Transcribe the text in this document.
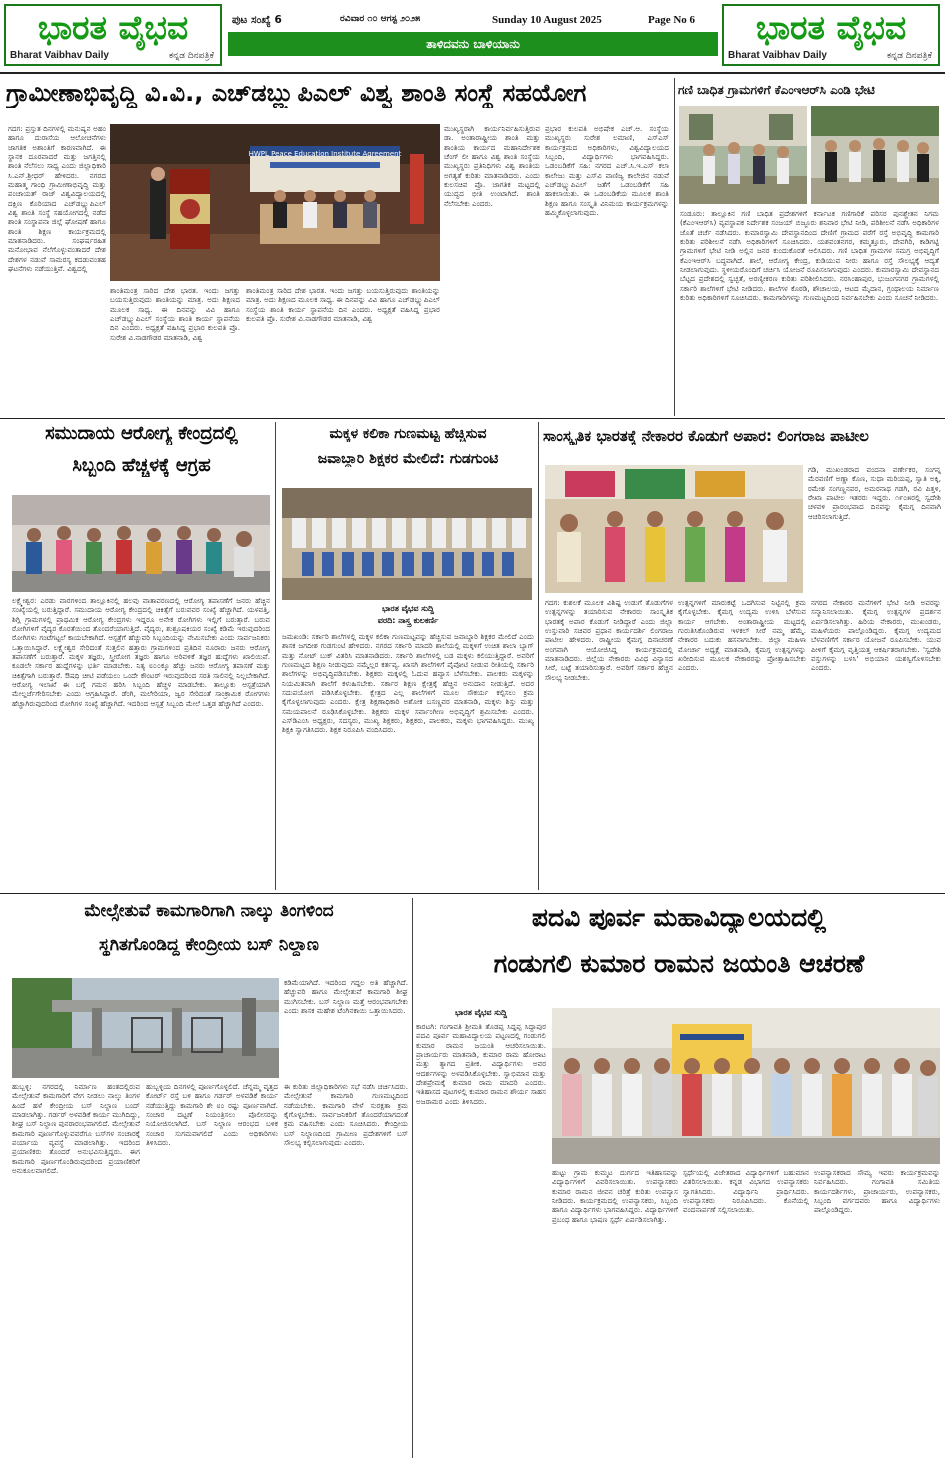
ಭಾರತ ವೈಭವ
Bharat Vaibhav Daily	ಕನ್ನಡ ದಿನಪತ್ರಿಕೆ
ಪುಟ ಸಂಖ್ಯೆ 6	ರವಿವಾರ ೧೦ ಆಗಸ್ಟ ೨೦೨೫	Sunday 10 August 2025	Page No 6
ತಾಳಿದವನು ಬಾಳಿಯಾನು	ಭಾರತ ವೈಭವ
Bharat Vaibhav Daily	ಕನ್ನಡ ದಿನಪತ್ರಿಕೆ
ಗ್ರಾಮೀಣಾಭಿವೃದ್ಧಿ ವಿ.ವಿ., ಎಚ್‌ಡಬ್ಲ್ಯುಪಿಎಲ್ ವಿಶ್ವ ಶಾಂತಿ ಸಂಸ್ಥೆ ಸಹಯೋಗ
ಗದಗ: ಪ್ರಸ್ತುತ ದಿನಗಳಲ್ಲಿ ಮನುಷ್ಯನ ಅಹಂ ಹಾಗೂ ದುರಾಸೆಯ ಆಲೋಚನೆಗಳು ಜಾಗತಿಕ ಅಶಾಂತಿಗೆ ಕಾರಣವಾಗಿದೆ. ಈ ಸ್ಥಾನಕ ದೂರವಾದರೆ ಮತ್ತು ಜಗತ್ತಿನಲ್ಲಿ ಶಾಂತಿ ನೆಲೆಸಲು ಸಾಧ್ಯ ಎಂದು ಜಿಲ್ಲಾಧಿಕಾರಿ ಸಿ.ಎನ್.ಶ್ರೀಧರ್ ಹೇಳಿದರು. ನಗರದ ಮಹಾತ್ಮ ಗಾಂಧಿ ಗ್ರಾಮೀಣಾಭಿವೃದ್ಧಿ ಮತ್ತು ಪಂಚಾಯತ್ ರಾಜ್ ವಿಶ್ವವಿದ್ಯಾಲಯದಲ್ಲಿ ದಕ್ಷಿಣ ಕೊರಿಯಾದ ಎಚ್‌ಡಬ್ಲ್ಯುಪಿಎಲ್ ವಿಶ್ವ ಶಾಂತಿ ಸಂಸ್ಥೆ ಸಹಯೋಗದಲ್ಲಿ ನಡೆದ ಶಾಂತಿ ಸಂಸ್ಥಾಪನಾ ಜಿಲ್ಲೆ ಘೋಷಣೆ ಹಾಗೂ ಶಾಂತಿ ಶಿಕ್ಷಣ ಕಾರ್ಯಕ್ರಮದಲ್ಲಿ ಮಾತನಾಡಿದರು. ಸಂಘರ್ಷರಹಿತ ಮನೋಭಾವ ನೆಲೆಗೊಳ್ಳುವಂತಾದರೆ ದೇಶ ದೇಶಗಳ ನಡುವೆ ಸಾಮರಸ್ಯ ಕದಡುವಂತಹ ಘಟನೆಗಳು ನಡೆಯುತ್ತಿವೆ. ವಿಶ್ವದಲ್ಲಿ
HWPL Peace Education Institute Agreement
ಶಾಂತಿಮಂತ್ರ ಸಾರಿದ ದೇಶ ಭಾರತ. ಇಂದು ಜಗತ್ತು ಬಯಸುತ್ತಿರುವುದು ಶಾಂತಿಯನ್ನು ಮಾತ್ರ. ಅದು ಶಿಕ್ಷಣದ ಮೂಲಕ ಸಾಧ್ಯ. ಈ ದಿನವನ್ನು ವಿವಿ ಹಾಗೂ ಎಚ್‌ಡಬ್ಲ್ಯುಪಿಎಲ್ ಸಂಸ್ಥೆಯ ಶಾಂತಿ ಕಾರ್ಯ ಸ್ಥಾಪನೆಯ ದಿನ ಎಂದರು. ಅಧ್ಯಕ್ಷತೆ ವಹಿಸಿದ್ದ ಪ್ರಭಾರ ಕುಲಪತಿ ಪ್ರೊ. ಸುರೇಶ ವಿ.ನಾಡಗೌಡರ ಮಾತನಾಡಿ, ವಿಶ್ವ
ಮುಖ್ಯಸ್ಥರಾಗಿ ಕಾರ್ಯನಿರ್ವಹಿಸುತ್ತಿರುವ ಡಾ. ಅಂತಾರಾಷ್ಟ್ರೀಯ ಶಾಂತಿ ಮತ್ತು ಶಾಂತಿಯ ಕಾರ್ಯದ ಮಹಾನಿರ್ದೇಶಕ ಚೆಂಗ್ ಲೀ ಹಾಗೂ ವಿಶ್ವ ಶಾಂತಿ ಸಂಸ್ಥೆಯ ಮುಖ್ಯಸ್ಥರು ಪ್ರತಿನಿಧಿಗಳು ವಿಶ್ವ ಶಾಂತಿಯ ಅಗತ್ಯತೆ ಕುರಿತು ಮಾತನಾಡಿದರು. ಎಂದು ಕುಲಸಚಿವ ಪ್ರೊ. ಜಾಗತಿಕ ಮಟ್ಟದಲ್ಲಿ ಯುದ್ಧದ ಭೀತಿ ಉಂಟಾಗಿದೆ. ಶಾಂತಿ ನೆಲೆಸಬೇಕು ಎಂದರು.
ಶಾಂತಿಮಂತ್ರ ಸಾರಿದ ದೇಶ ಭಾರತ. ಇಂದು ಜಗತ್ತು ಬಯಸುತ್ತಿರುವುದು ಶಾಂತಿಯನ್ನು ಮಾತ್ರ. ಅದು ಶಿಕ್ಷಣದ ಮೂಲಕ ಸಾಧ್ಯ. ಈ ದಿನವನ್ನು ವಿವಿ ಹಾಗೂ ಎಚ್‌ಡಬ್ಲ್ಯುಪಿಎಲ್ ಸಂಸ್ಥೆಯ ಶಾಂತಿ ಕಾರ್ಯ ಸ್ಥಾಪನೆಯ ದಿನ ಎಂದರು. ಅಧ್ಯಕ್ಷತೆ ವಹಿಸಿದ್ದ ಪ್ರಭಾರ ಕುಲಪತಿ ಪ್ರೊ. ಸುರೇಶ ವಿ.ನಾಡಗೌಡರ ಮಾತನಾಡಿ, ವಿಶ್ವ
ಪ್ರಭಾರ ಕುಲಪತಿ ಅಭಿಷೇಕ ಎಚ್.ಆ. ಸಂಸ್ಥೆಯ ಮುಖ್ಯಸ್ಥರು ಸುರೇಶ ಲಮಾಣಿ, ಎಸ್‌ಎಸ್ ಕಾರ್ಯಕ್ರಮದ ಅಧಿಕಾರಿಗಳು, ವಿಶ್ವವಿದ್ಯಾಲಯದ ಸಿಬ್ಬಂದಿ, ವಿದ್ಯಾರ್ಥಿಗಳು ಭಾಗವಹಿಸಿದ್ದರು. ಒಡಂಬಡಿಕೆಗೆ ಸಹಿ: ನಗರದ ಎಚ್.ಸಿ.ಇ.ಎಸ್ ಕಲಾ ಕಾಲೇಜು ಮತ್ತು ಎಸ್‌ವಿ ವಾಣಿಜ್ಯ ಕಾಲೇಜಿನ ನಡುವೆ ಎಚ್‌ಡಬ್ಲ್ಯುಪಿಎಲ್ ಜತೆಗೆ ಒಡಂಬಡಿಕೆಗೆ ಸಹಿ ಹಾಕಲಾಯಿತು. ಈ ಒಡಂಬಡಿಕೆಯ ಮೂಲಕ ಶಾಂತಿ ಶಿಕ್ಷಣ ಹಾಗೂ ಸಂಸ್ಕೃತಿ ವಿನಿಮಯ ಕಾರ್ಯಕ್ರಮಗಳನ್ನು ಹಮ್ಮಿಕೊಳ್ಳಲಾಗುವುದು.
ಗಣಿ ಬಾಧಿತ ಗ್ರಾಮಗಳಿಗೆ ಕೆಎಂಇಆರ್‌ಸಿ ಎಂಡಿ ಭೇಟಿ
ಸಂಡೂರು: ತಾಲ್ಲೂಕಿನ ಗಣಿ ಬಾಧಿತ ಪ್ರದೇಶಗಳಿಗೆ ಕರ್ನಾಟಕ ಗಣಿಗಾರಿಕೆ ಪರಿಸರ ಪುನಶ್ಚೇತನ ನಿಗಮ (ಕೆಎಂಇಆರ್‌ಸಿ) ವ್ಯವಸ್ಥಾಪಕ ನಿರ್ದೇಶಕ ಸಂಜಯ್ ಬಿಜ್ಜೂರು ಶನಿವಾರ ಭೇಟಿ ನೀಡಿ, ಪರಿಶೀಲನೆ ನಡೆಸಿ ಅಧಿಕಾರಿಗಳ ಜೊತೆ ಚರ್ಚೆ ನಡೆಸಿದರು. ಕುಮಾರಸ್ವಾಮಿ ದೇವಸ್ಥಾನದಿಂದ ದೇಣಿಗೆ ಗ್ರಾಮದ ವರೆಗೆ ರಸ್ತೆ ಅಭಿವೃದ್ಧಿ ಕಾಮಗಾರಿ ಕುರಿತು ಪರಿಶೀಲನೆ ನಡೆಸಿ ಅಧಿಕಾರಿಗಳಿಗೆ ಸೂಚಿಸಿದರು. ಯಶವಂತನಗರ, ಕಮ್ಮತ್ತೂರು, ದೇವಗಿರಿ, ಕಾಡಿಗಟ್ಟಿ ಗ್ರಾಮಗಳಿಗೆ ಭೇಟಿ ನೀಡಿ ಅಲ್ಲಿನ ಜನರ ಕುಂದುಕೊರತೆ ಆಲಿಸಿದರು. ಗಣಿ ಬಾಧಿತ ಗ್ರಾಮಗಳ ಸಮಗ್ರ ಅಭಿವೃದ್ಧಿಗೆ ಕೆಎಂಇಆರ್‌ಸಿ ಬದ್ಧವಾಗಿದೆ. ಶಾಲೆ, ಆರೋಗ್ಯ ಕೇಂದ್ರ, ಕುಡಿಯುವ ನೀರು ಹಾಗೂ ರಸ್ತೆ ಸೌಲಭ್ಯಕ್ಕೆ ಆದ್ಯತೆ ನೀಡಲಾಗುವುದು. ಸ್ಥಳೀಯರೊಂದಿಗೆ ಚರ್ಚಿಸಿ ಯೋಜನೆ ರೂಪಿಸಲಾಗುವುದು ಎಂದರು. ಕುಮಾರಸ್ವಾಮಿ ದೇವಸ್ಥಾನದ ಬೆಟ್ಟದ ಪ್ರದೇಶದಲ್ಲಿ ಸ್ವಚ್ಛತೆ, ಅರಣ್ಯೀಕರಣ ಕುರಿತು ಪರಿಶೀಲಿಸಿದರು. ನರಸಿಂಹಾಪುರ, ಭುಜಂಗನಗರ ಗ್ರಾಮಗಳಲ್ಲಿ ಸರ್ಕಾರಿ ಶಾಲೆಗಳಿಗೆ ಭೇಟಿ ನೀಡಿದರು. ಶಾಲೆಗಳ ಕೊಠಡಿ, ಶೌಚಾಲಯ, ಆಟದ ಮೈದಾನ, ಗ್ರಂಥಾಲಯ ನಿರ್ಮಾಣ ಕುರಿತು ಅಧಿಕಾರಿಗಳಿಗೆ ಸೂಚಿಸಿದರು. ಕಾಮಗಾರಿಗಳನ್ನು ಗುಣಮಟ್ಟದಿಂದ ನಿರ್ವಹಿಸಬೇಕು ಎಂದು ಸೂಚನೆ ನೀಡಿದರು.
ಸಮುದಾಯ ಆರೋಗ್ಯ ಕೇಂದ್ರದಲ್ಲಿ
ಸಿಬ್ಬಂದಿ ಹೆಚ್ಚಳಕ್ಕೆ ಆಗ್ರಹ
ಲಕ್ಷ್ಮೇಶ್ವರ: ಎರಡು ವಾರಗಳಿಂದ ತಾಲ್ಲೂಕಿನಲ್ಲಿ ಹಲವು ವಾತಾವರಣದಲ್ಲಿ ಆರೋಗ್ಯ ತಪಾಸಣೆಗೆ ಜನರು ಹೆಚ್ಚಿನ ಸಂಖ್ಯೆಯಲ್ಲಿ ಬರುತ್ತಿದ್ದಾರೆ. ಸಮುದಾಯ ಆರೋಗ್ಯ ಕೇಂದ್ರದಲ್ಲಿ ಚಿಕಿತ್ಸೆಗೆ ಬರುವವರ ಸಂಖ್ಯೆ ಹೆಚ್ಚಾಗಿದೆ. ಯಳವತ್ತಿ, ಶಿಗ್ಲಿ ಗ್ರಾಮಗಳಲ್ಲಿ ಪ್ರಾಥಮಿಕ ಆರೋಗ್ಯ ಕೇಂದ್ರಗಳು ಇದ್ದರೂ ಅನೇಕ ರೋಗಿಗಳು ಇಲ್ಲಿಗೆ ಬರುತ್ತಾರೆ. ಬರುವ ರೋಗಿಗಳಿಗೆ ವೈದ್ಯರ ಕೊರತೆಯಿಂದ ತೊಂದರೆಯಾಗುತ್ತಿದೆ. ವೈದ್ಯರು, ಶುಶ್ರೂಷಕಿಯರ ಸಂಖ್ಯೆ ಕಡಿಮೆ ಇರುವುದರಿಂದ ರೋಗಿಗಳು ಗಂಟೆಗಟ್ಟಲೆ ಕಾಯಬೇಕಾಗಿದೆ. ಆಸ್ಪತ್ರೆಗೆ ಹೆಚ್ಚುವರಿ ಸಿಬ್ಬಂದಿಯನ್ನು ನೇಮಿಸಬೇಕು ಎಂದು ಸಾರ್ವಜನಿಕರು ಒತ್ತಾಯಿಸಿದ್ದಾರೆ. ಲಕ್ಷ್ಮೇಶ್ವರ ಸೇರಿದಂತೆ ಸುತ್ತಲಿನ ಹತ್ತಾರು ಗ್ರಾಮಗಳಿಂದ ಪ್ರತಿದಿನ ನೂರಾರು ಜನರು ಆರೋಗ್ಯ ತಪಾಸಣೆಗೆ ಬರುತ್ತಾರೆ. ಮಕ್ಕಳ ತಜ್ಞರು, ಸ್ತ್ರೀರೋಗ ತಜ್ಞರು ಹಾಗೂ ಅರಿವಳಿಕೆ ತಜ್ಞರ ಹುದ್ದೆಗಳು ಖಾಲಿಯಿವೆ. ಕೂಡಲೇ ಸರ್ಕಾರ ಹುದ್ದೆಗಳನ್ನು ಭರ್ತಿ ಮಾಡಬೇಕು. ನಿತ್ಯ ೮೦೦ಕ್ಕೂ ಹೆಚ್ಚು ಜನರು ಆರೋಗ್ಯ ತಪಾಸಣೆ ಮತ್ತು ಚಿಕಿತ್ಸೆಗಾಗಿ ಬರುತ್ತಾರೆ. ಔಷಧಿ ಚೀಟಿ ಪಡೆಯಲು ಒಂದೇ ಕೌಂಟರ್ ಇರುವುದರಿಂದ ಸರತಿ ಸಾಲಿನಲ್ಲಿ ನಿಲ್ಲಬೇಕಾಗಿದೆ. ಆರೋಗ್ಯ ಇಲಾಖೆ ಈ ಬಗ್ಗೆ ಗಮನ ಹರಿಸಿ ಸಿಬ್ಬಂದಿ ಹೆಚ್ಚಳ ಮಾಡಬೇಕು. ತಾಲ್ಲೂಕು ಆಸ್ಪತ್ರೆಯಾಗಿ ಮೇಲ್ದರ್ಜೆಗೇರಿಸಬೇಕು ಎಂದು ಆಗ್ರಹಿಸಿದ್ದಾರೆ. ಡೆಂಗಿ, ಮಲೇರಿಯಾ, ಜ್ವರ ಸೇರಿದಂತೆ ಸಾಂಕ್ರಾಮಿಕ ರೋಗಗಳು ಹೆಚ್ಚಾಗಿರುವುದರಿಂದ ರೋಗಿಗಳ ಸಂಖ್ಯೆ ಹೆಚ್ಚಾಗಿದೆ. ಇದರಿಂದ ಆಸ್ಪತ್ರೆ ಸಿಬ್ಬಂದಿ ಮೇಲೆ ಒತ್ತಡ ಹೆಚ್ಚಾಗಿದೆ ಎಂದರು.
ಮಕ್ಕಳ ಕಲಿಕಾ ಗುಣಮಟ್ಟ ಹೆಚ್ಚಿಸುವ
ಜವಾಬ್ದಾರಿ ಶಿಕ್ಷಕರ ಮೇಲಿದೆ: ಗುಡಗುಂಟಿ
ಭಾರತ ವೈಭವ ಸುದ್ದಿ
ವರದಿ: ನಾಸ್ತ್ರ ಕುಲಕರ್ಣಿ
ಜಮಖಂಡಿ: ಸರ್ಕಾರಿ ಶಾಲೆಗಳಲ್ಲಿ ಮಕ್ಕಳ ಕಲಿಕಾ ಗುಣಮಟ್ಟವನ್ನು ಹೆಚ್ಚಿಸುವ ಜವಾಬ್ದಾರಿ ಶಿಕ್ಷಕರ ಮೇಲಿದೆ ಎಂದು ಶಾಸಕ ಜಗದೀಶ ಗುಡಗುಂಟಿ ಹೇಳಿದರು. ನಗರದ ಸರ್ಕಾರಿ ಮಾದರಿ ಶಾಲೆಯಲ್ಲಿ ಮಕ್ಕಳಿಗೆ ಉಚಿತ ಶಾಲಾ ಬ್ಯಾಗ್ ಮತ್ತು ನೋಟ್ ಬುಕ್ ವಿತರಿಸಿ ಮಾತನಾಡಿದರು. ಸರ್ಕಾರಿ ಶಾಲೆಗಳಲ್ಲಿ ಬಡ ಮಕ್ಕಳು ಕಲಿಯುತ್ತಿದ್ದಾರೆ. ಅವರಿಗೆ ಗುಣಮಟ್ಟದ ಶಿಕ್ಷಣ ನೀಡುವುದು ನಮ್ಮೆಲ್ಲರ ಕರ್ತವ್ಯ. ಖಾಸಗಿ ಶಾಲೆಗಳಿಗೆ ಪೈಪೋಟಿ ನೀಡುವ ರೀತಿಯಲ್ಲಿ ಸರ್ಕಾರಿ ಶಾಲೆಗಳನ್ನು ಅಭಿವೃದ್ಧಿಪಡಿಸಬೇಕು. ಶಿಕ್ಷಕರು ಮಕ್ಕಳಲ್ಲಿ ಓದುವ ಹವ್ಯಾಸ ಬೆಳೆಸಬೇಕು. ಪಾಲಕರು ಮಕ್ಕಳನ್ನು ನಿಯಮಿತವಾಗಿ ಶಾಲೆಗೆ ಕಳುಹಿಸಬೇಕು. ಸರ್ಕಾರ ಶಿಕ್ಷಣ ಕ್ಷೇತ್ರಕ್ಕೆ ಹೆಚ್ಚಿನ ಅನುದಾನ ನೀಡುತ್ತಿದೆ. ಅದರ ಸದುಪಯೋಗ ಪಡಿಸಿಕೊಳ್ಳಬೇಕು. ಕ್ಷೇತ್ರದ ಎಲ್ಲ ಶಾಲೆಗಳಿಗೆ ಮೂಲ ಸೌಕರ್ಯ ಕಲ್ಪಿಸಲು ಕ್ರಮ ಕೈಗೊಳ್ಳಲಾಗುವುದು ಎಂದರು. ಕ್ಷೇತ್ರ ಶಿಕ್ಷಣಾಧಿಕಾರಿ ಅಶೋಕ ಬಸಣ್ಣವರ ಮಾತನಾಡಿ, ಮಕ್ಕಳು ಶಿಸ್ತು ಮತ್ತು ಸಮಯಪಾಲನೆ ರೂಢಿಸಿಕೊಳ್ಳಬೇಕು. ಶಿಕ್ಷಕರು ಮಕ್ಕಳ ಸರ್ವಾಂಗೀಣ ಅಭಿವೃದ್ಧಿಗೆ ಶ್ರಮಿಸಬೇಕು ಎಂದರು. ಎಸ್‌ಡಿಎಂಸಿ ಅಧ್ಯಕ್ಷರು, ಸದಸ್ಯರು, ಮುಖ್ಯ ಶಿಕ್ಷಕರು, ಶಿಕ್ಷಕರು, ಪಾಲಕರು, ಮಕ್ಕಳು ಭಾಗವಹಿಸಿದ್ದರು. ಮುಖ್ಯ ಶಿಕ್ಷಕಿ ಸ್ವಾಗತಿಸಿದರು. ಶಿಕ್ಷಕ ನಿರೂಪಿಸಿ ವಂದಿಸಿದರು.
ಸಾಂಸ್ಕೃತಿಕ ಭಾರತಕ್ಕೆ ನೇಕಾರರ ಕೊಡುಗೆ ಅಪಾರ: ಲಿಂಗರಾಜ ಪಾಟೀಲ
ಗಡಿ, ಮುಖಂಡರಾದ ವಂದನಾ ವರ್ಣೇಕರ, ಸಂಗನ್ನ ಮೆರವಣಿಗೆ ಅಣ್ಣಾ ಕೊಣ, ಸುಧಾ ಮರಿಯಪ್ಪ, ಸ್ವಾತಿ ಅಕ್ಕಿ, ರಮೇಶ ಸಂಗಣ್ಣನವರ, ಅಮರನಾಥ ಗಡಗಿ, ರವಿ ಪಿತ್ತಳಿ, ರೇಖಾ ಪಾಟೀಲ ಇತರರು ಇದ್ದರು. ೧೯೦೫ರಲ್ಲಿ ಸ್ವದೇಶಿ ಚಳವಳಿ ಪ್ರಾರಂಭವಾದ ದಿನವನ್ನು ಕೈಮಗ್ಗ ದಿನವಾಗಿ ಆಚರಿಸಲಾಗುತ್ತಿದೆ.
ಗದಗ: ಕುಶಲಕೆ ಮೂಲಕ ವಿಶಿಷ್ಟ ಉಡುಗೆ ತೊಡುಗೆಗಳ ಉತ್ಪನ್ನಗಳನ್ನು ತಯಾರಿಸುವ ನೇಕಾರರು ಸಾಂಸ್ಕೃತಿಕ ಭಾರತಕ್ಕೆ ಅಪಾರ ಕೊಡುಗೆ ನೀಡಿದ್ದಾರೆ ಎಂದು ಜಿಲ್ಲಾ ಉಸ್ತುವಾರಿ ಸಚಿವರ ಪ್ರಧಾನ ಕಾರ್ಯದರ್ಶಿ ಲಿಂಗರಾಜ ಪಾಟೀಲ ಹೇಳಿದರು. ರಾಷ್ಟ್ರೀಯ ಕೈಮಗ್ಗ ದಿನಾಚರಣೆ ಅಂಗವಾಗಿ ಆಯೋಜಿಸಿದ್ದ ಕಾರ್ಯಕ್ರಮದಲ್ಲಿ ಮಾತನಾಡಿದರು. ಜಿಲ್ಲೆಯ ನೇಕಾರರು ವಿವಿಧ ವಿನ್ಯಾಸದ ಸೀರೆ, ಬಟ್ಟೆ ತಯಾರಿಸುತ್ತಾರೆ. ಅವರಿಗೆ ಸರ್ಕಾರ ಹೆಚ್ಚಿನ ಸೌಲಭ್ಯ ನೀಡಬೇಕು.
ಉತ್ಪನ್ನಗಳಿಗೆ ಮಾರುಕಟ್ಟೆ ಒದಗಿಸುವ ನಿಟ್ಟಿನಲ್ಲಿ ಕ್ರಮ ಕೈಗೊಳ್ಳಬೇಕು. ಕೈಮಗ್ಗ ಉದ್ಯಮ ಉಳಿಸಿ ಬೆಳೆಸುವ ಕಾರ್ಯ ಆಗಬೇಕು. ಅಂತಾರಾಷ್ಟ್ರೀಯ ಮಟ್ಟದಲ್ಲಿ ಗುರುತಿಸಿಕೊಂಡಿರುವ ಇಳಕಲ್ ಸೀರೆ ನಮ್ಮ ಹೆಮ್ಮೆ. ನೇಕಾರರ ಬದುಕು ಹಸನಾಗಬೇಕು. ಜಿಲ್ಲಾ ಮಹಿಳಾ ಮೋರ್ಚಾ ಅಧ್ಯಕ್ಷೆ ಮಾತನಾಡಿ, ಕೈಮಗ್ಗ ಉತ್ಪನ್ನಗಳನ್ನು ಖರೀದಿಸುವ ಮೂಲಕ ನೇಕಾರರನ್ನು ಪ್ರೋತ್ಸಾಹಿಸಬೇಕು ಎಂದರು.
ನಗರದ ನೇಕಾರರ ಮನೆಗಳಿಗೆ ಭೇಟಿ ನೀಡಿ ಅವರನ್ನು ಸನ್ಮಾನಿಸಲಾಯಿತು. ಕೈಮಗ್ಗ ಉತ್ಪನ್ನಗಳ ಪ್ರದರ್ಶನ ಏರ್ಪಡಿಸಲಾಗಿತ್ತು. ಹಿರಿಯ ನೇಕಾರರು, ಮುಖಂಡರು, ಮಹಿಳೆಯರು ಪಾಲ್ಗೊಂಡಿದ್ದರು. ಕೈಮಗ್ಗ ಉದ್ಯಮದ ಬೆಳವಣಿಗೆಗೆ ಸರ್ಕಾರ ಯೋಜನೆ ರೂಪಿಸಬೇಕು. ಯುವ ಪೀಳಿಗೆ ಕೈಮಗ್ಗ ವೃತ್ತಿಯತ್ತ ಆಕರ್ಷಿತರಾಗಬೇಕು. 'ಸ್ವದೇಶಿ ವಸ್ತುಗಳನ್ನು ಬಳಸಿ' ಅಭಿಯಾನ ಯಶಸ್ವಿಗೊಳಿಸಬೇಕು ಎಂದರು.
ಮೇಲ್ಸೇತುವೆ ಕಾಮಗಾರಿಗಾಗಿ ನಾಲ್ಕು ತಿಂಗಳಿಂದ
ಸ್ಥಗಿತಗೊಂಡಿದ್ದ ಕೇಂದ್ರೀಯ ಬಸ್ ನಿಲ್ದಾಣ
ಕಡಿಮೆಯಾಗಿದೆ. ಇದರಿಂದ ಗದ್ದಲ ಅತಿ ಹೆಚ್ಚಾಗಿದೆ. ಹೆಚ್ಚುವರಿ ಹಾಗೂ ಮೇಲ್ಸೇತುವೆ ಕಾಮಗಾರಿ ಶೀಘ್ರ ಮುಗಿಸಬೇಕು. ಬಸ್ ನಿಲ್ದಾಣ ಮತ್ತೆ ಆರಂಭವಾಗಬೇಕು ಎಂದು ಶಾಸಕ ಮಹೇಶ ಟೆಂಗಿನಕಾಯಿ ಒತ್ತಾಯಿಸಿದರು.
ಹುಬ್ಬಳ್ಳಿ: ನಗರದಲ್ಲಿ ನಿರ್ಮಾಣ ಹಂತದಲ್ಲಿರುವ ಮೇಲ್ಸೇತುವೆ ಕಾಮಗಾರಿಗೆ ವೇಗ ನೀಡಲು ನಾಲ್ಕು ತಿಂಗಳ ಹಿಂದೆ ಹಳೆ ಕೇಂದ್ರೀಯ ಬಸ್ ನಿಲ್ದಾಣ ಬಂದ್ ಮಾಡಲಾಗಿತ್ತು. ಗರ್ಡರ್ ಅಳವಡಿಕೆ ಕಾರ್ಯ ಮುಗಿದಿದ್ದು, ಶೀಘ್ರ ಬಸ್ ನಿಲ್ದಾಣ ಪುನರಾರಂಭವಾಗಲಿದೆ. ಮೇಲ್ಸೇತುವೆ ಕಾಮಗಾರಿ ಪೂರ್ಣಗೊಳ್ಳುವವರೆಗೂ ಬಸ್‌ಗಳ ಸಂಚಾರಕ್ಕೆ ಪರ್ಯಾಯ ವ್ಯವಸ್ಥೆ ಮಾಡಲಾಗಿತ್ತು. ಇದರಿಂದ ಪ್ರಯಾಣಿಕರು ತೊಂದರೆ ಅನುಭವಿಸುತ್ತಿದ್ದರು. ಈಗ ಕಾಮಗಾರಿ ಪೂರ್ಣಗೊಂಡಿರುವುದರಿಂದ ಪ್ರಯಾಣಿಕರಿಗೆ ಅನುಕೂಲವಾಗಲಿದೆ.
ಹುಬ್ಬಳ್ಳಿಯ ದಿನಗಳಲ್ಲಿ ಪೂರ್ಣಗೊಳ್ಳಲಿದೆ. ಚೆನ್ನಮ್ಮ ವೃತ್ತದ ಕೋರ್ಟ್ ರಸ್ತೆ ಬಳಿ ಹಾಗೂ ಗರ್ಡರ್ ಅಳವಡಿಕೆ ಕಾರ್ಯ ನಡೆಯುತ್ತಿದ್ದು ಕಾಮಗಾರಿ ಶೇ ೮೦ ರಷ್ಟು ಪೂರ್ಣವಾಗಿದೆ. ಸಂಚಾರ ದಟ್ಟಣೆ ನಿಯಂತ್ರಿಸಲು ಪೊಲೀಸರನ್ನು ನಿಯೋಜಿಸಲಾಗಿದೆ. ಬಸ್ ನಿಲ್ದಾಣ ಆರಂಭದ ಬಳಿಕ ಸಂಚಾರ ಸುಗಮವಾಗಲಿದೆ ಎಂದು ಅಧಿಕಾರಿಗಳು ತಿಳಿಸಿದರು.
ಈ ಕುರಿತು ಜಿಲ್ಲಾಧಿಕಾರಿಗಳು ಸಭೆ ನಡೆಸಿ ಚರ್ಚಿಸಿದರು. ಮೇಲ್ಸೇತುವೆ ಕಾಮಗಾರಿ ಗುಣಮಟ್ಟದಿಂದ ನಡೆಯಬೇಕು. ಕಾಮಗಾರಿ ವೇಳೆ ಸುರಕ್ಷತಾ ಕ್ರಮ ಕೈಗೊಳ್ಳಬೇಕು. ಸಾರ್ವಜನಿಕರಿಗೆ ತೊಂದರೆಯಾಗದಂತೆ ಕ್ರಮ ವಹಿಸಬೇಕು ಎಂದು ಸೂಚಿಸಿದರು. ಕೇಂದ್ರೀಯ ಬಸ್ ನಿಲ್ದಾಣದಿಂದ ಗ್ರಾಮೀಣ ಪ್ರದೇಶಗಳಿಗೆ ಬಸ್ ಸೌಲಭ್ಯ ಕಲ್ಪಿಸಲಾಗುವುದು ಎಂದರು.
ಪದವಿ ಪೂರ್ವ ಮಹಾವಿದ್ಯಾಲಯದಲ್ಲಿ
ಗಂಡುಗಲಿ ಕುಮಾರ ರಾಮನ ಜಯಂತಿ ಆಚರಣೆ
ಭಾರತ ವೈಭವ ಸುದ್ದಿ
ಕಾರಟಗಿ: ಗಂಗಾವತಿ ಶ್ರೀಮತಿ ತೊಡಪ್ಪ ಸಿದ್ದಪ್ಪ ಸಿದ್ದಾಪುರ ಪದವಿ ಪೂರ್ವ ಮಹಾವಿದ್ಯಾಲಯ ಪಟ್ಟಣದಲ್ಲಿ ಗಂಡುಗಲಿ ಕುಮಾರ ರಾಮನ ಜಯಂತಿ ಆಚರಿಸಲಾಯಿತು. ಪ್ರಾಚಾರ್ಯರು ಮಾತನಾಡಿ, ಕುಮಾರ ರಾಮ ಹೋರಾಟ ಮತ್ತು ತ್ಯಾಗದ ಪ್ರತೀಕ. ವಿದ್ಯಾರ್ಥಿಗಳು ಅವರ ಆದರ್ಶಗಳನ್ನು ಅಳವಡಿಸಿಕೊಳ್ಳಬೇಕು. ಸ್ವಾಭಿಮಾನ ಮತ್ತು ದೇಶಪ್ರೇಮಕ್ಕೆ ಕುಮಾರ ರಾಮ ಮಾದರಿ ಎಂದರು. ಇತಿಹಾಸದ ಪುಟಗಳಲ್ಲಿ ಕುಮಾರ ರಾಮನ ಶೌರ್ಯ ಸಾಹಸ ಅಜರಾಮರ ಎಂದು ತಿಳಿಸಿದರು.
ಹುಟ್ಟು ಗ್ರಾಮ ಕುಮ್ಮಟ ದುರ್ಗದ ಇತಿಹಾಸವನ್ನು ವಿದ್ಯಾರ್ಥಿಗಳಿಗೆ ವಿವರಿಸಲಾಯಿತು. ಉಪನ್ಯಾಸಕರು ಕುಮಾರ ರಾಮನ ಜೀವನ ಚರಿತ್ರೆ ಕುರಿತು ಉಪನ್ಯಾಸ ನೀಡಿದರು. ಕಾರ್ಯಕ್ರಮದಲ್ಲಿ ಉಪನ್ಯಾಸಕರು, ಸಿಬ್ಬಂದಿ ಹಾಗೂ ವಿದ್ಯಾರ್ಥಿಗಳು ಭಾಗವಹಿಸಿದ್ದರು. ವಿದ್ಯಾರ್ಥಿಗಳಿಗೆ ಪ್ರಬಂಧ ಹಾಗೂ ಭಾಷಣ ಸ್ಪರ್ಧೆ ಏರ್ಪಡಿಸಲಾಗಿತ್ತು.
ಸ್ಪರ್ಧೆಯಲ್ಲಿ ವಿಜೇತರಾದ ವಿದ್ಯಾರ್ಥಿಗಳಿಗೆ ಬಹುಮಾನ ವಿತರಿಸಲಾಯಿತು. ಕನ್ನಡ ವಿಭಾಗದ ಉಪನ್ಯಾಸಕರು ಸ್ವಾಗತಿಸಿದರು. ವಿದ್ಯಾರ್ಥಿನಿ ಪ್ರಾರ್ಥಿಸಿದರು. ಉಪನ್ಯಾಸಕರು ನಿರೂಪಿಸಿದರು. ಕೊನೆಯಲ್ಲಿ ವಂದನಾರ್ಪಣೆ ಸಲ್ಲಿಸಲಾಯಿತು.
ಉಪನ್ಯಾಸಕರಾದ ಸೌಮ್ಯ ಇವರು ಕಾರ್ಯಕ್ರಮವನ್ನು ನಿರ್ವಹಿಸಿದರು. ಗಂಗಾವತಿ ಸಮಿತಿಯ ಕಾರ್ಯದರ್ಶಿಗಳು, ಪ್ರಾಚಾರ್ಯರು, ಉಪನ್ಯಾಸಕರು, ಸಿಬ್ಬಂದಿ ವರ್ಗದವರು ಹಾಗೂ ವಿದ್ಯಾರ್ಥಿಗಳು ಪಾಲ್ಗೊಂಡಿದ್ದರು.
